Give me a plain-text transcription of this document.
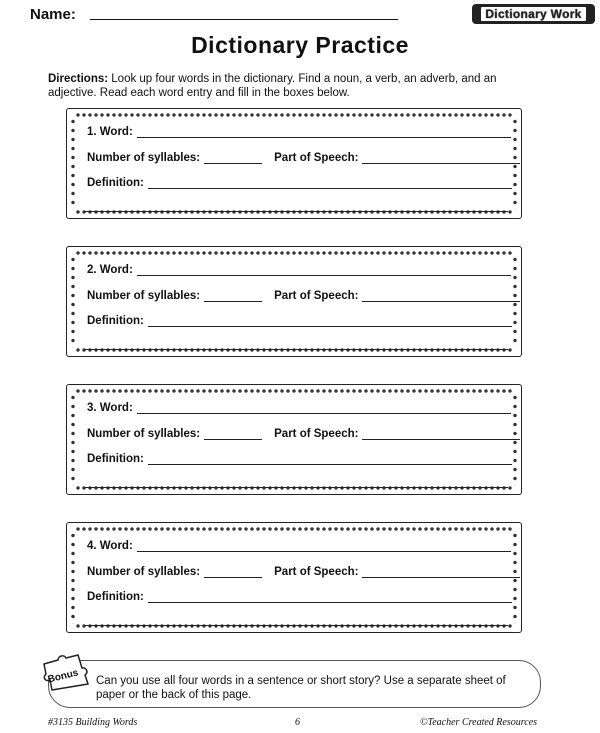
Name:	Dictionary Work
Dictionary Practice
Directions: Look up four words in the dictionary. Find a noun, a verb, an adverb, and an adjective. Read each word entry and fill in the boxes below.
1. Word:
Number of syllables:	Part of Speech:
Definition:
2. Word:
Number of syllables:	Part of Speech:
Definition:
3. Word:
Number of syllables:	Part of Speech:
Definition:
4. Word:
Number of syllables:	Part of Speech:
Definition:
Bonus Can you use all four words in a sentence or short story? Use a separate sheet of paper or the back of this page.
#3135 Building Words	6	©Teacher Created Resources
